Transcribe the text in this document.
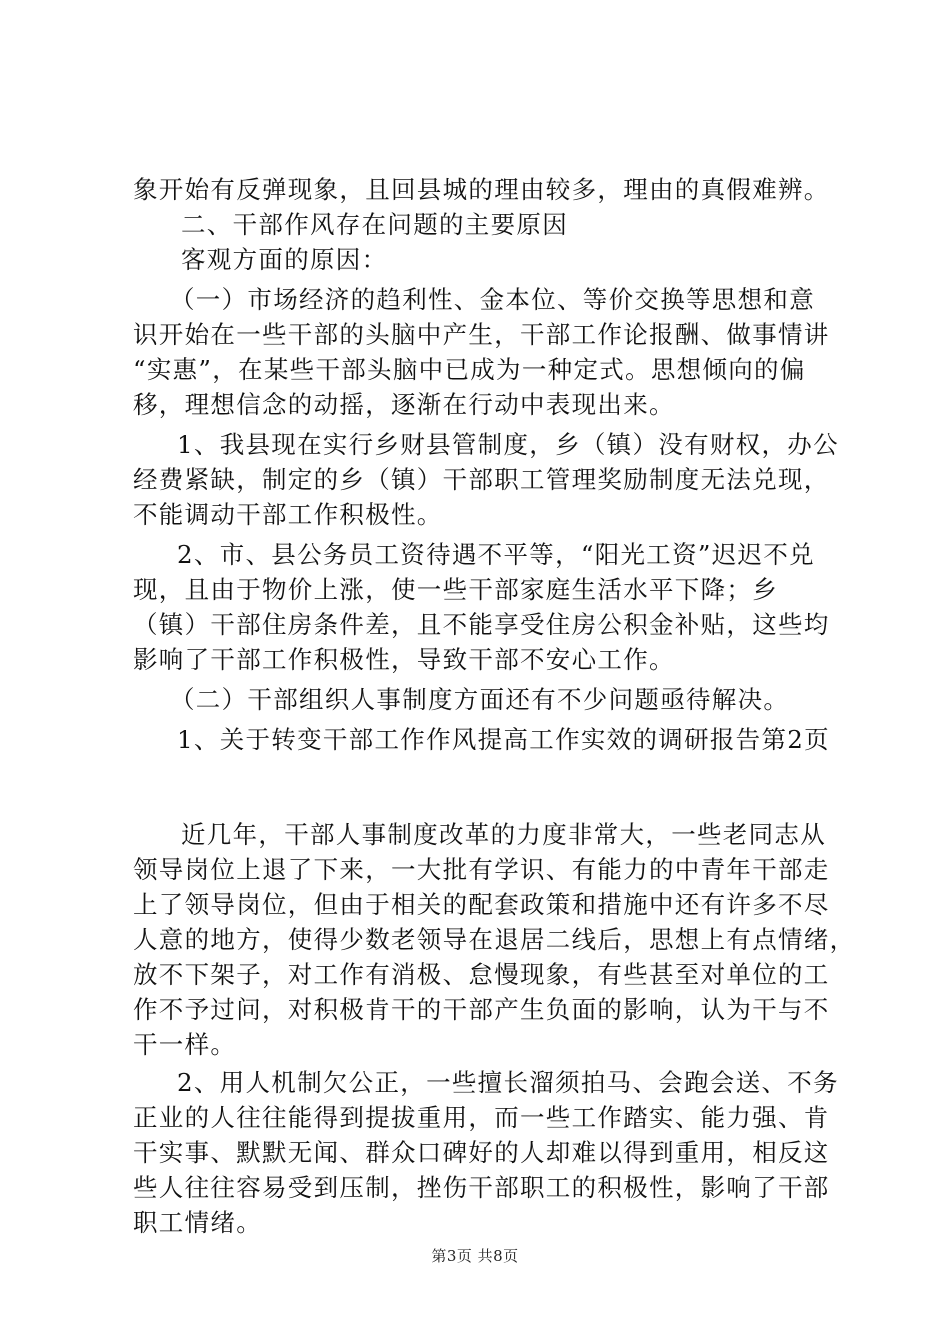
象开始有反弹现象，且回县城的理由较多，理由的真假难辨。
二、干部作风存在问题的主要原因
客观方面的原因：
（一）市场经济的趋利性、金本位、等价交换等思想和意
识开始在一些干部的头脑中产生，干部工作论报酬、做事情讲
“实惠”，在某些干部头脑中已成为一种定式。思想倾向的偏
移，理想信念的动摇，逐渐在行动中表现出来。
1、我县现在实行乡财县管制度，乡（镇）没有财权，办公
经费紧缺，制定的乡（镇）干部职工管理奖励制度无法兑现，
不能调动干部工作积极性。
2、市、县公务员工资待遇不平等，“阳光工资”迟迟不兑
现，且由于物价上涨，使一些干部家庭生活水平下降；乡
（镇）干部住房条件差，且不能享受住房公积金补贴，这些均
影响了干部工作积极性，导致干部不安心工作。
（二）干部组织人事制度方面还有不少问题亟待解决。
1、关于转变干部工作作风提高工作实效的调研报告第2页
近几年，干部人事制度改革的力度非常大，一些老同志从
领导岗位上退了下来，一大批有学识、有能力的中青年干部走
上了领导岗位，但由于相关的配套政策和措施中还有许多不尽
人意的地方，使得少数老领导在退居二线后，思想上有点情绪，
放不下架子，对工作有消极、怠慢现象，有些甚至对单位的工
作不予过问，对积极肯干的干部产生负面的影响，认为干与不
干一样。
2、用人机制欠公正，一些擅长溜须拍马、会跑会送、不务
正业的人往往能得到提拔重用，而一些工作踏实、能力强、肯
干实事、默默无闻、群众口碑好的人却难以得到重用，相反这
些人往往容易受到压制，挫伤干部职工的积极性，影响了干部
职工情绪。
第3页 共8页
